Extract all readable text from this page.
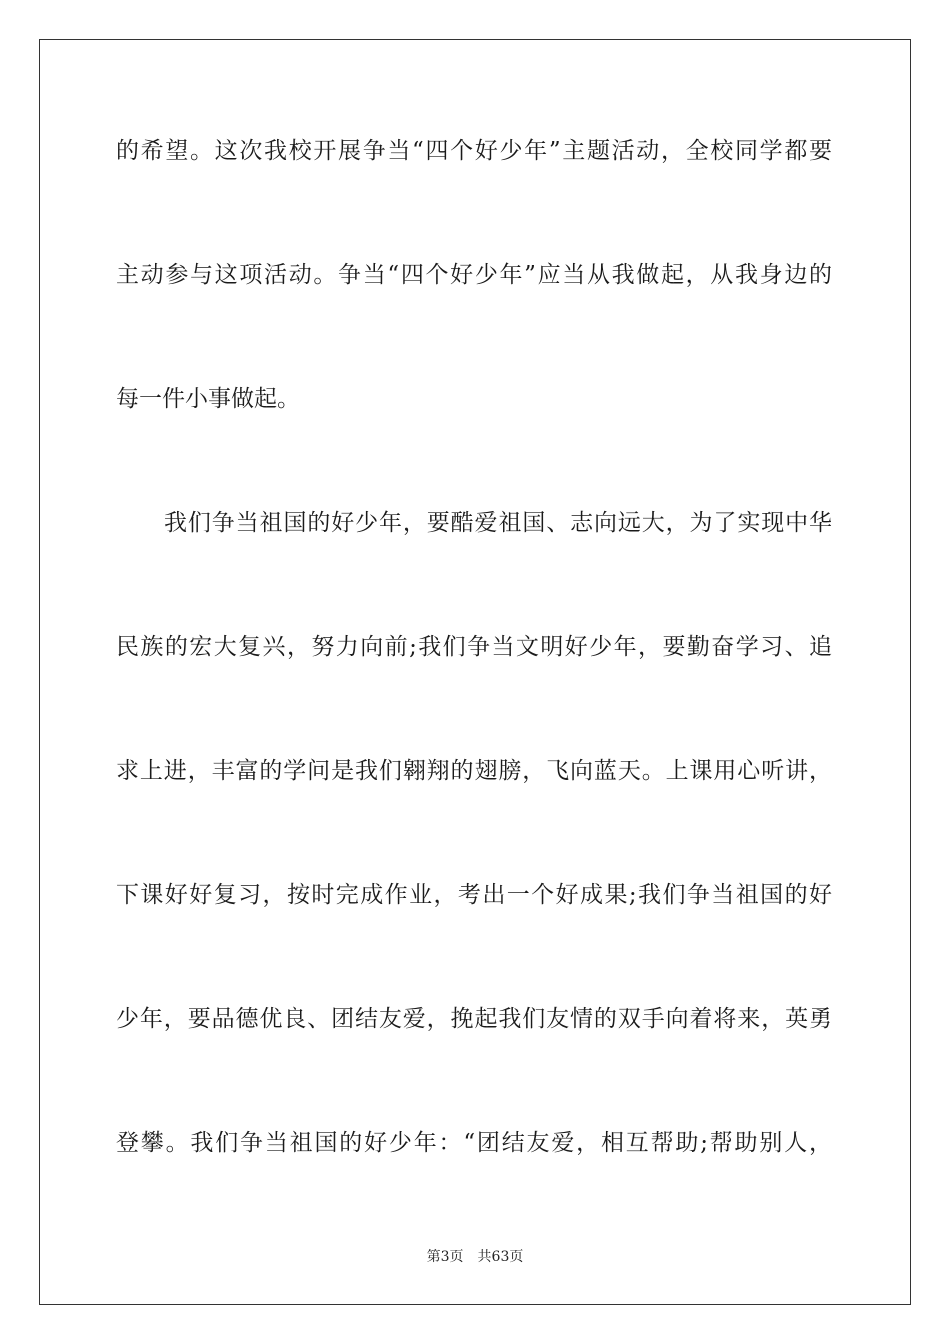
的希望。这次我校开展争当“四个好少年”主题活动，全校同学都要
主动参与这项活动。争当“四个好少年”应当从我做起，从我身边的
每一件小事做起。
我们争当祖国的好少年，要酷爱祖国、志向远大，为了实现中华
民族的宏大复兴，努力向前;我们争当文明好少年，要勤奋学习、追
求上进，丰富的学问是我们翱翔的翅膀，飞向蓝天。上课用心听讲，
下课好好复习，按时完成作业，考出一个好成果;我们争当祖国的好
少年，要品德优良、团结友爱，挽起我们友情的双手向着将来，英勇
登攀。我们争当祖国的好少年：“团结友爱，相互帮助;帮助别人，
第3页 共63页
